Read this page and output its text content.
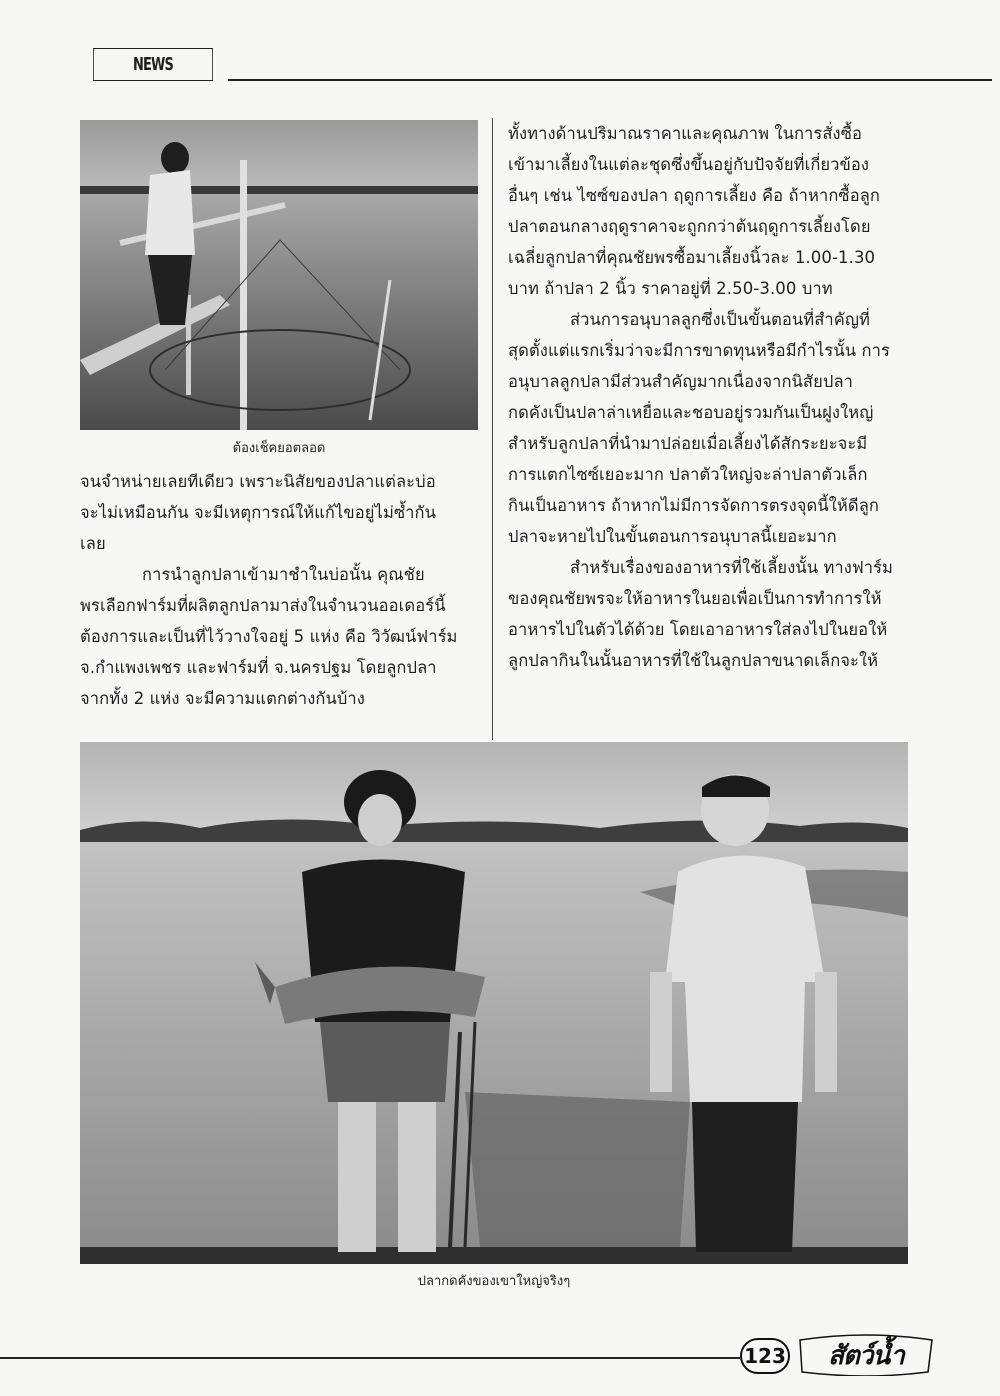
NEWS
ต้องเช็คยอตลอด

จนจำหน่ายเลยทีเดียว เพราะนิสัยของปลาแต่ละบ่อ

จะไม่เหมือนกัน จะมีเหตุการณ์ให้แก้ไขอยู่ไม่ซ้ำกัน

เลย

การนำลูกปลาเข้ามาชำในบ่อนั้น คุณชัย

พรเลือกฟาร์มที่ผลิตลูกปลามาส่งในจำนวนออเดอร์นี้

ต้องการและเป็นที่ไว้วางใจอยู่ 5 แห่ง คือ วิวัฒน์ฟาร์ม

จ.กำแพงเพชร และฟาร์มที่ จ.นครปฐม โดยลูกปลา

จากทั้ง 2 แห่ง จะมีความแตกต่างกันบ้าง

ทั้งทางด้านปริมาณราคาและคุณภาพ ในการสั่งซื้อ

เข้ามาเลี้ยงในแต่ละชุดซึ่งขึ้นอยู่กับปัจจัยที่เกี่ยวข้อง

อื่นๆ เช่น ไซซ์ของปลา ฤดูการเลี้ยง คือ ถ้าหากซื้อลูก

ปลาตอนกลางฤดูราคาจะถูกกว่าต้นฤดูการเลี้ยงโดย

เฉลี่ยลูกปลาที่คุณชัยพรซื้อมาเลี้ยงนิ้วละ 1.00-1.30

บาท ถ้าปลา 2 นิ้ว ราคาอยู่ที่ 2.50-3.00 บาท

ส่วนการอนุบาลลูกซึ่งเป็นขั้นตอนที่สำคัญที่

สุดตั้งแต่แรกเริ่มว่าจะมีการขาดทุนหรือมีกำไรนั้น การ

อนุบาลลูกปลามีส่วนสำคัญมากเนื่องจากนิสัยปลา

กดคังเป็นปลาล่าเหยื่อและชอบอยู่รวมกันเป็นฝูงใหญ่

สำหรับลูกปลาที่นำมาปล่อยเมื่อเลี้ยงได้สักระยะจะมี

การแตกไซซ์เยอะมาก ปลาตัวใหญ่จะล่าปลาตัวเล็ก

กินเป็นอาหาร ถ้าหากไม่มีการจัดการตรงจุดนี้ให้ดีลูก

ปลาจะหายไปในขั้นตอนการอนุบาลนี้เยอะมาก

สำหรับเรื่องของอาหารที่ใช้เลี้ยงนั้น ทางฟาร์ม

ของคุณชัยพรจะให้อาหารในยอเพื่อเป็นการทำการให้

อาหารไปในตัวได้ด้วย โดยเอาอาหารใส่ลงไปในยอให้

ลูกปลากินในนั้นอาหารที่ใช้ในลูกปลาขนาดเล็กจะให้

ปลากดคังของเขาใหญ่จริงๆ
123	สัตว์น้ำ
